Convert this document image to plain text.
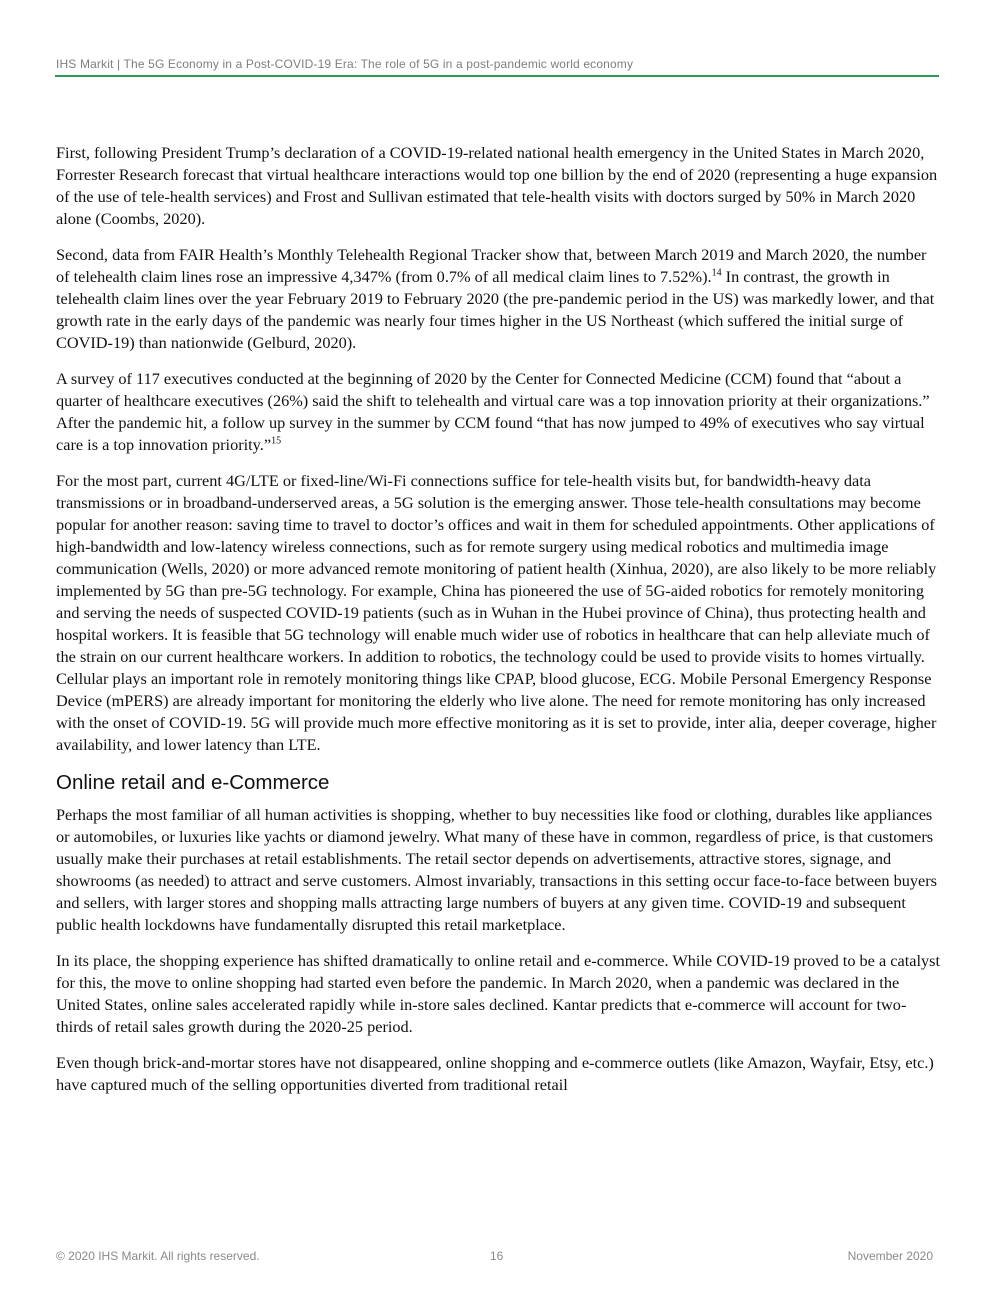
IHS Markit | The 5G Economy in a Post-COVID-19 Era: The role of 5G in a post-pandemic world economy

First, following President Trump’s declaration of a COVID-19-related national health emergency in the United States in March 2020, Forrester Research forecast that virtual healthcare interactions would top one billion by the end of 2020 (representing a huge expansion of the use of tele-health services) and Frost and Sullivan estimated that tele-health visits with doctors surged by 50% in March 2020 alone (Coombs, 2020).

Second, data from FAIR Health’s Monthly Telehealth Regional Tracker show that, between March 2019 and March 2020, the number of telehealth claim lines rose an impressive 4,347% (from 0.7% of all medical claim lines to 7.52%).$^{14}$ In contrast, the growth in telehealth claim lines over the year February 2019 to February 2020 (the pre-pandemic period in the US) was markedly lower, and that growth rate in the early days of the pandemic was nearly four times higher in the US Northeast (which suffered the initial surge of COVID-19) than nationwide (Gelburd, 2020).

A survey of 117 executives conducted at the beginning of 2020 by the Center for Connected Medicine (CCM) found that “about a quarter of healthcare executives (26%) said the shift to telehealth and virtual care was a top innovation priority at their organizations.” After the pandemic hit, a follow up survey in the summer by CCM found “that has now jumped to 49% of executives who say virtual care is a top innovation priority.”$^{15}$

For the most part, current 4G/LTE or fixed-line/Wi-Fi connections suffice for tele-health visits but, for bandwidth-heavy data transmissions or in broadband-underserved areas, a 5G solution is the emerging answer. Those tele-health consultations may become popular for another reason: saving time to travel to doctor’s offices and wait in them for scheduled appointments. Other applications of high-bandwidth and low-latency wireless connections, such as for remote surgery using medical robotics and multimedia image communication (Wells, 2020) or more advanced remote monitoring of patient health (Xinhua, 2020), are also likely to be more reliably implemented by 5G than pre-5G technology. For example, China has pioneered the use of 5G-aided robotics for remotely monitoring and serving the needs of suspected COVID-19 patients (such as in Wuhan in the Hubei province of China), thus protecting health and hospital workers. It is feasible that 5G technology will enable much wider use of robotics in healthcare that can help alleviate much of the strain on our current healthcare workers. In addition to robotics, the technology could be used to provide visits to homes virtually. Cellular plays an important role in remotely monitoring things like CPAP, blood glucose, ECG. Mobile Personal Emergency Response Device (mPERS) are already important for monitoring the elderly who live alone. The need for remote monitoring has only increased with the onset of COVID-19. 5G will provide much more effective monitoring as it is set to provide, inter alia, deeper coverage, higher availability, and lower latency than LTE.

Online retail and e-Commerce

Perhaps the most familiar of all human activities is shopping, whether to buy necessities like food or clothing, durables like appliances or automobiles, or luxuries like yachts or diamond jewelry. What many of these have in common, regardless of price, is that customers usually make their purchases at retail establishments. The retail sector depends on advertisements, attractive stores, signage, and showrooms (as needed) to attract and serve customers. Almost invariably, transactions in this setting occur face-to-face between buyers and sellers, with larger stores and shopping malls attracting large numbers of buyers at any given time. COVID-19 and subsequent public health lockdowns have fundamentally disrupted this retail marketplace.

In its place, the shopping experience has shifted dramatically to online retail and e-commerce. While COVID-19 proved to be a catalyst for this, the move to online shopping had started even before the pandemic. In March 2020, when a pandemic was declared in the United States, online sales accelerated rapidly while in-store sales declined. Kantar predicts that e-commerce will account for two-thirds of retail sales growth during the 2020-25 period.

Even though brick-and-mortar stores have not disappeared, online shopping and e-commerce outlets (like Amazon, Wayfair, Etsy, etc.) have captured much of the selling opportunities diverted from traditional retail

© 2020 IHS Markit. All rights reserved.	16	November 2020
